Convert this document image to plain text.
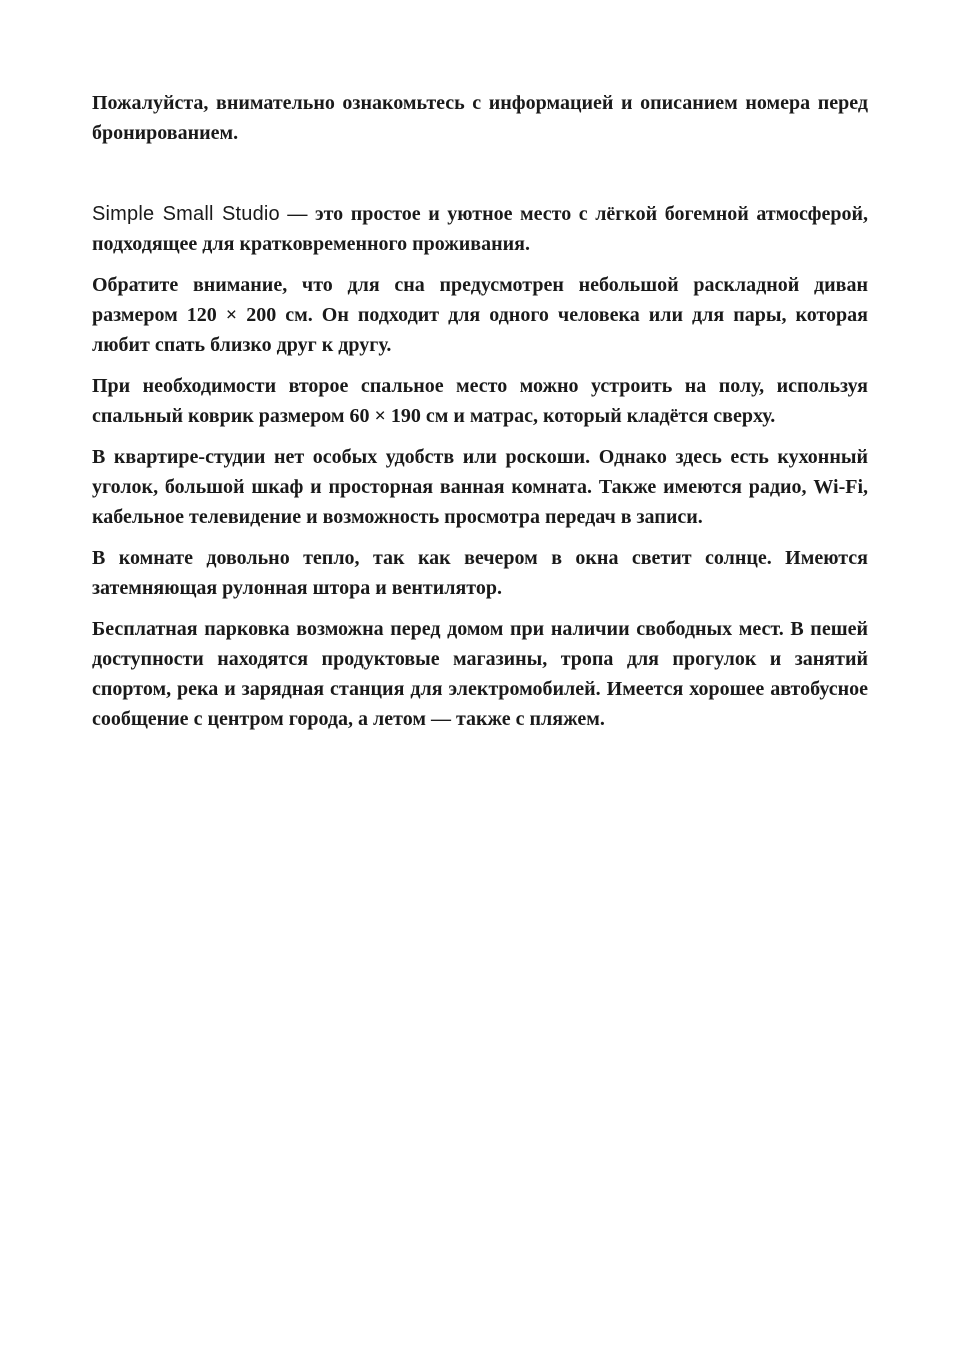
Пожалуйста, внимательно ознакомьтесь с информацией и описанием номера перед бронированием.

Simple Small Studio — это простое и уютное место с лёгкой богемной атмосферой, подходящее для кратковременного проживания.

Обратите внимание, что для сна предусмотрен небольшой раскладной диван размером 120 × 200 см. Он подходит для одного человека или для пары, которая любит спать близко друг к другу.

При необходимости второе спальное место можно устроить на полу, используя спальный коврик размером 60 × 190 см и матрас, который кладётся сверху.

В квартире-студии нет особых удобств или роскоши. Однако здесь есть кухонный уголок, большой шкаф и просторная ванная комната. Также имеются радио, Wi-Fi, кабельное телевидение и возможность просмотра передач в записи.

В комнате довольно тепло, так как вечером в окна светит солнце. Имеются затемняющая рулонная штора и вентилятор.

Бесплатная парковка возможна перед домом при наличии свободных мест. В пешей доступности находятся продуктовые магазины, тропа для прогулок и занятий спортом, река и зарядная станция для электромобилей. Имеется хорошее автобусное сообщение с центром города, а летом — также с пляжем.
